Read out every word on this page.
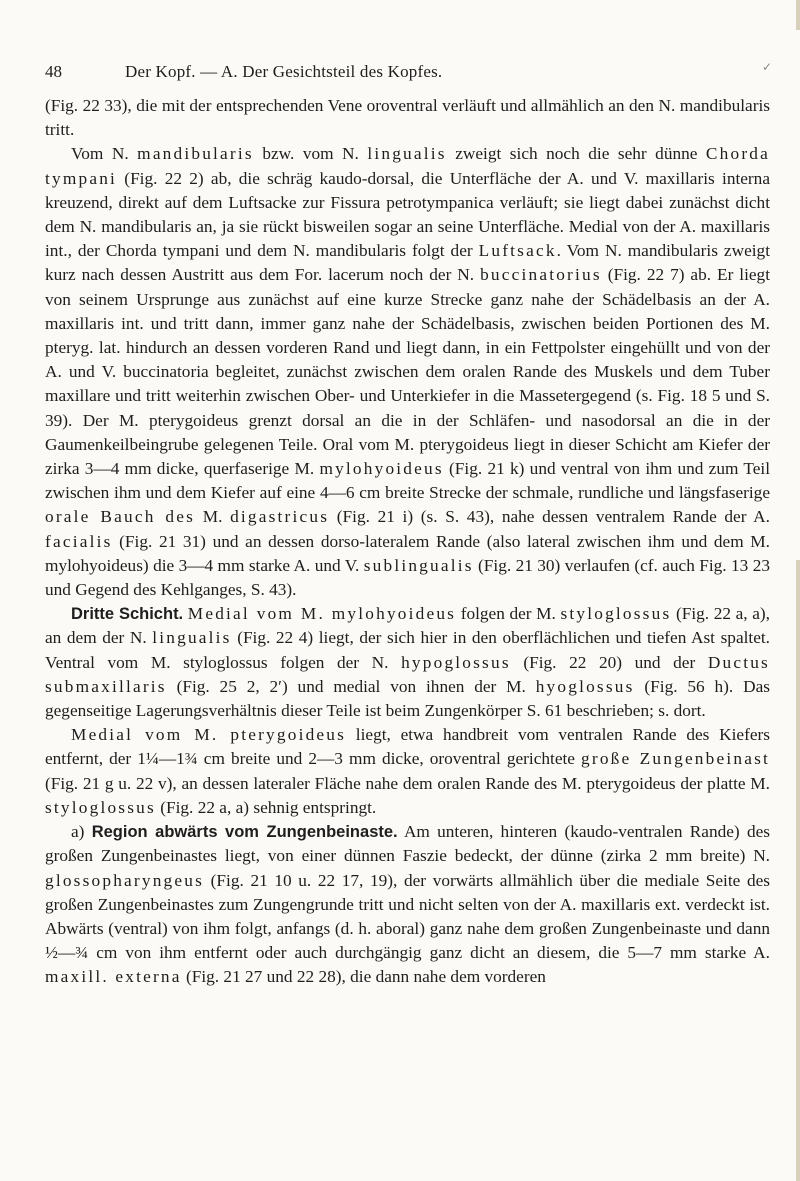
48	Der Kopf. — A. Der Gesichtsteil des Kopfes.	✓

(Fig. 22 33), die mit der entsprechenden Vene oroventral verläuft und allmählich an den N. mandibularis tritt.

Vom N. mandibularis bzw. vom N. lingualis zweigt sich noch die sehr dünne Chorda tympani (Fig. 22 2) ab, die schräg kaudo-dorsal, die Unterfläche der A. und V. maxillaris interna kreuzend, direkt auf dem Luftsacke zur Fissura petrotympanica verläuft; sie liegt dabei zunächst dicht dem N. mandibularis an, ja sie rückt bisweilen sogar an seine Unterfläche. Medial von der A. maxillaris int., der Chorda tympani und dem N. mandibularis folgt der Luftsack. Vom N. mandibularis zweigt kurz nach dessen Austritt aus dem For. lacerum noch der N. buccinatorius (Fig. 22 7) ab. Er liegt von seinem Ursprunge aus zunächst auf eine kurze Strecke ganz nahe der Schädelbasis an der A. maxillaris int. und tritt dann, immer ganz nahe der Schädelbasis, zwischen beiden Portionen des M. pteryg. lat. hindurch an dessen vorderen Rand und liegt dann, in ein Fettpolster eingehüllt und von der A. und V. buccinatoria begleitet, zunächst zwischen dem oralen Rande des Muskels und dem Tuber maxillare und tritt weiterhin zwischen Ober- und Unterkiefer in die Massetergegend (s. Fig. 18 5 und S. 39). Der M. pterygoideus grenzt dorsal an die in der Schläfen- und nasodorsal an die in der Gaumenkeilbeingrube gelegenen Teile. Oral vom M. pterygoideus liegt in dieser Schicht am Kiefer der zirka 3—4 mm dicke, querfaserige M. mylohyoideus (Fig. 21 k) und ventral von ihm und zum Teil zwischen ihm und dem Kiefer auf eine 4—6 cm breite Strecke der schmale, rundliche und längsfaserige orale Bauch des M. digastricus (Fig. 21 i) (s. S. 43), nahe dessen ventralem Rande der A. facialis (Fig. 21 31) und an dessen dorso-lateralem Rande (also lateral zwischen ihm und dem M. mylohyoideus) die 3—4 mm starke A. und V. sublingualis (Fig. 21 30) verlaufen (cf. auch Fig. 13 23 und Gegend des Kehlganges, S. 43).

Dritte Schicht. Medial vom M. mylohyoideus folgen der M. styloglossus (Fig. 22 a, a), an dem der N. lingualis (Fig. 22 4) liegt, der sich hier in den oberflächlichen und tiefen Ast spaltet. Ventral vom M. styloglossus folgen der N. hypoglossus (Fig. 22 20) und der Ductus submaxillaris (Fig. 25 2, 2′) und medial von ihnen der M. hyoglossus (Fig. 56 h). Das gegenseitige Lagerungsverhältnis dieser Teile ist beim Zungenkörper S. 61 beschrieben; s. dort.

Medial vom M. pterygoideus liegt, etwa handbreit vom ventralen Rande des Kiefers entfernt, der 1¼—1¾ cm breite und 2—3 mm dicke, oroventral gerichtete große Zungenbeinast (Fig. 21 g u. 22 v), an dessen lateraler Fläche nahe dem oralen Rande des M. pterygoideus der platte M. styloglossus (Fig. 22 a, a) sehnig entspringt.

a) Region abwärts vom Zungenbeinaste. Am unteren, hinteren (kaudo-ventralen Rande) des großen Zungenbeinastes liegt, von einer dünnen Faszie bedeckt, der dünne (zirka 2 mm breite) N. glossopharyngeus (Fig. 21 10 u. 22 17, 19), der vorwärts allmählich über die mediale Seite des großen Zungenbeinastes zum Zungengrunde tritt und nicht selten von der A. maxillaris ext. verdeckt ist. Abwärts (ventral) von ihm folgt, anfangs (d. h. aboral) ganz nahe dem großen Zungenbeinaste und dann ½—¾ cm von ihm entfernt oder auch durchgängig ganz dicht an diesem, die 5—7 mm starke A. maxill. externa (Fig. 21 27 und 22 28), die dann nahe dem vorderen
